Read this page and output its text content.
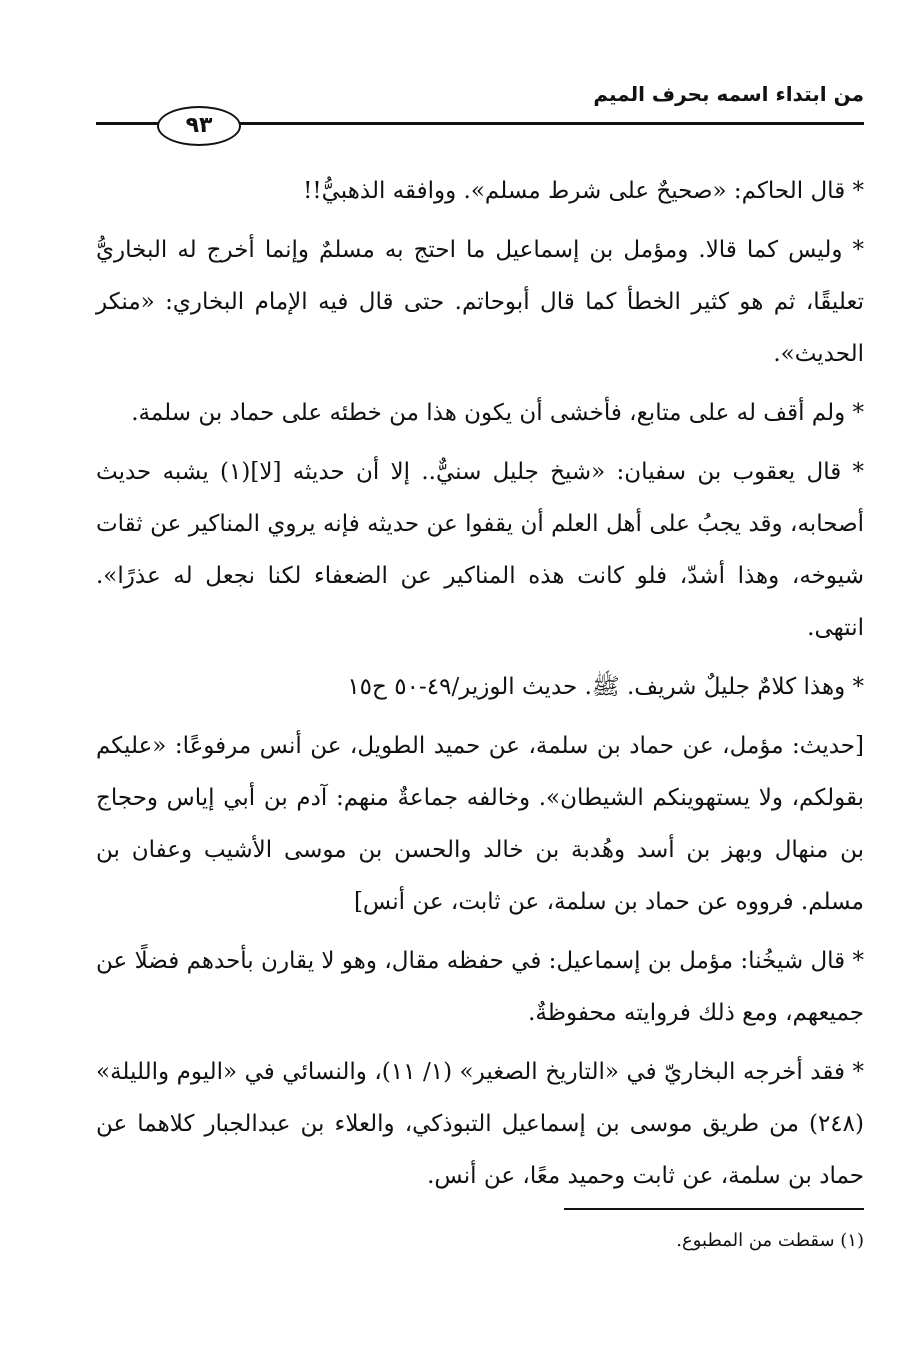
من ابتداء اسمه بحرف الميم
٩٣

* قال الحاكم: «صحيحٌ على شرط مسلم». ووافقه الذهبيُّ!!

* وليس كما قالا. ومؤمل بن إسماعيل ما احتج به مسلمٌ وإنما أخرج له البخاريُّ تعليقًا، ثم هو كثير الخطأ كما قال أبوحاتم. حتى قال فيه الإمام البخاري: «منكر الحديث».

* ولم أقف له على متابع، فأخشى أن يكون هذا من خطئه على حماد بن سلمة.

* قال يعقوب بن سفيان: «شيخ جليل سنيٌّ.. إلا أن حديثه [لا](١) يشبه حديث أصحابه، وقد يجبُ على أهل العلم أن يقفوا عن حديثه فإنه يروي المناكير عن ثقات شيوخه، وهذا أشدّ، فلو كانت هذه المناكير عن الضعفاء لكنا نجعل له عذرًا». انتهى.

* وهذا كلامٌ جليلٌ شريف. ﷺ. حديث الوزير/٤٩-٥٠ ح١٥

[حديث: مؤمل، عن حماد بن سلمة، عن حميد الطويل، عن أنس مرفوعًا: «عليكم بقولكم، ولا يستهوينكم الشيطان». وخالفه جماعةٌ منهم: آدم بن أبي إياس وحجاج بن منهال وبهز بن أسد وهُدبة بن خالد والحسن بن موسى الأشيب وعفان بن مسلم. فرووه عن حماد بن سلمة، عن ثابت، عن أنس]

* قال شيخُنا: مؤمل بن إسماعيل: في حفظه مقال، وهو لا يقارن بأحدهم فضلًا عن جميعهم، ومع ذلك فروايته محفوظةٌ.

* فقد أخرجه البخاريّ في «التاريخ الصغير» (١/ ١١)، والنسائي في «اليوم والليلة» (٢٤٨) من طريق موسى بن إسماعيل التبوذكي، والعلاء بن عبدالجبار كلاهما عن حماد بن سلمة، عن ثابت وحميد معًا، عن أنس.

(١) سقطت من المطبوع.
